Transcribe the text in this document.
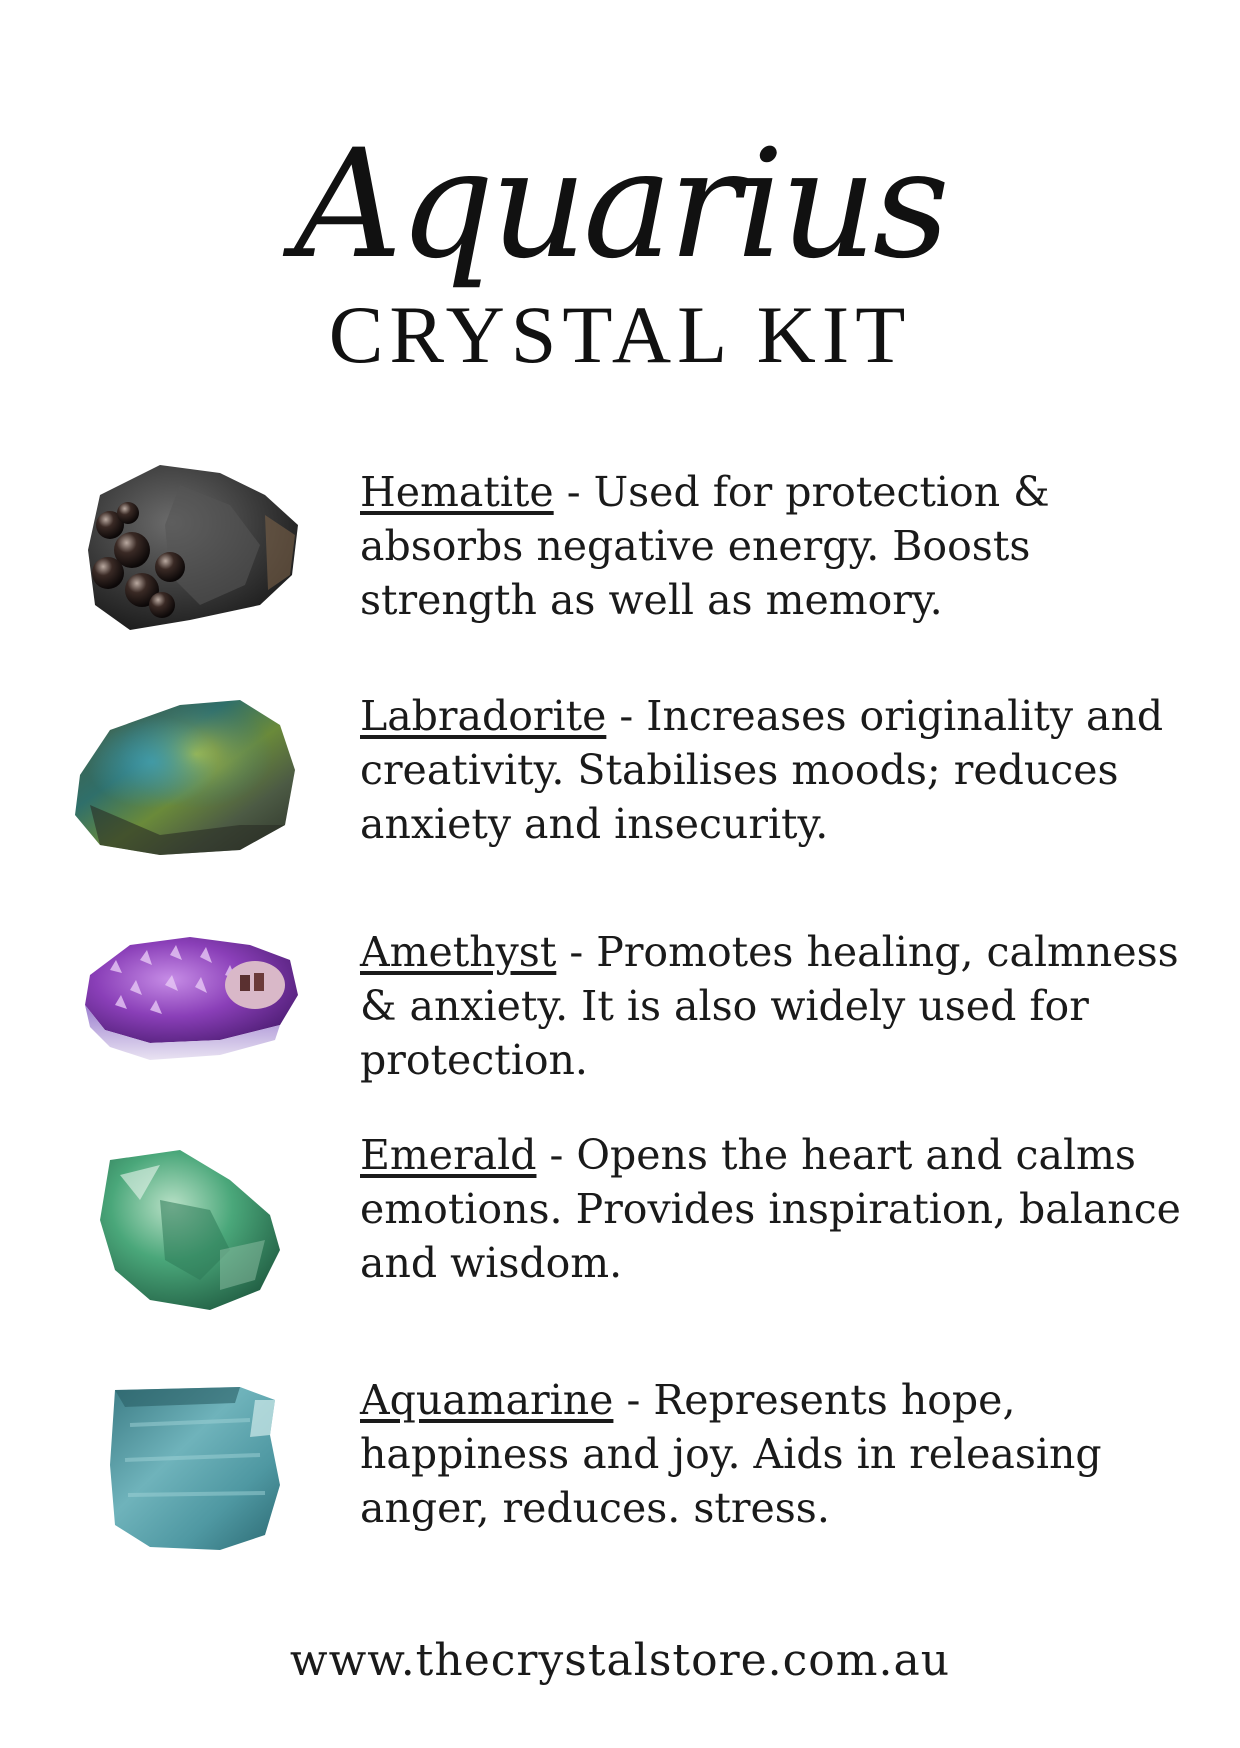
Aquarius
CRYSTAL KIT
Hematite - Used for protection & absorbs negative energy. Boosts strength as well as memory.
Labradorite - Increases originality and creativity. Stabilises moods; reduces anxiety and insecurity.
Amethyst - Promotes healing, calmness & anxiety. It is also widely used for protection.
Emerald - Opens the heart and calms emotions. Provides inspiration, balance and wisdom.
Aquamarine - Represents hope, happiness and joy. Aids in releasing anger, reduces. stress.
www.thecrystalstore.com.au
